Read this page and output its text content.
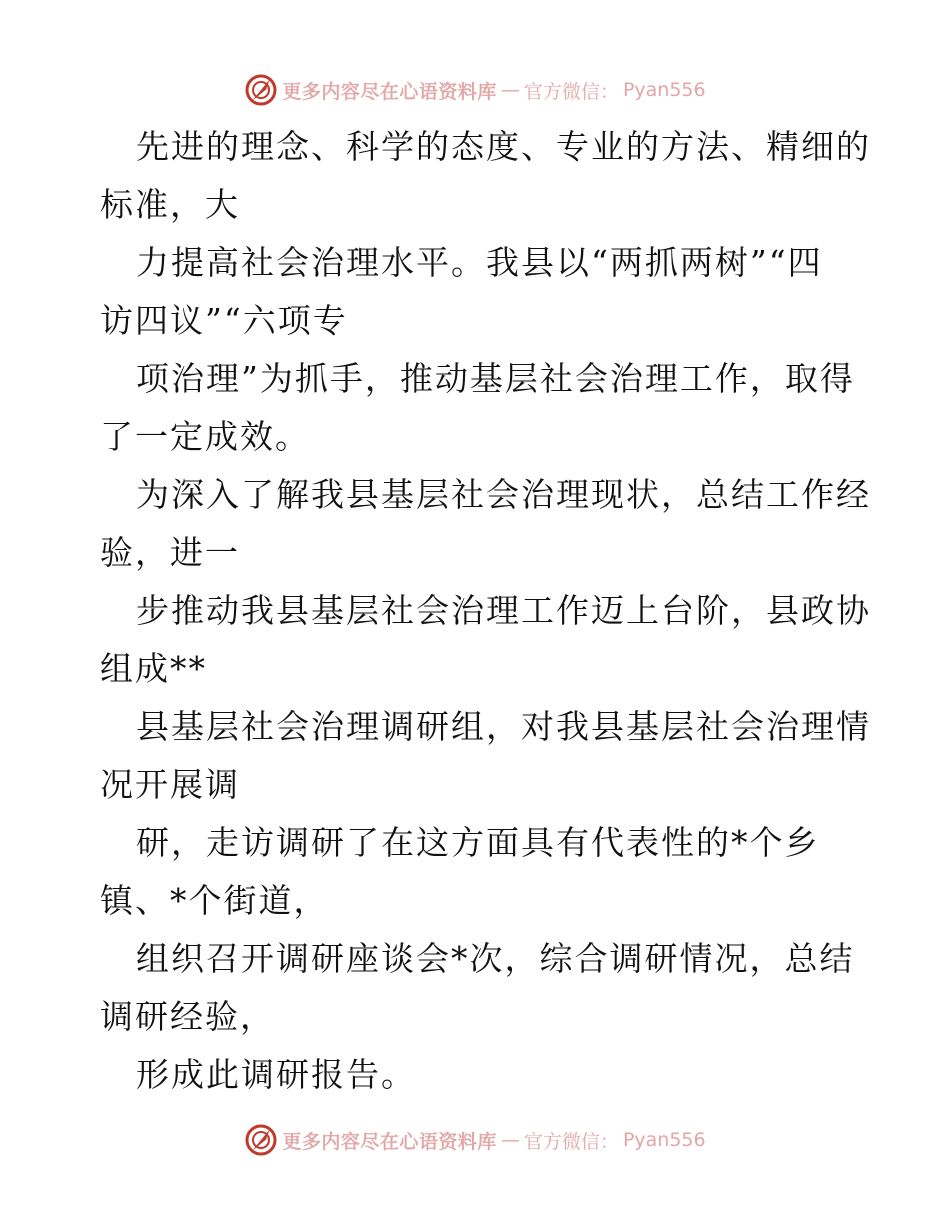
更多内容尽在心语资料库 — 官方微信： Pyan556

先进的理念、科学的态度、专业的方法、精细的
标准，大

力提高社会治理水平。我县以“两抓两树”“四
访四议”“六项专

项治理”为抓手，推动基层社会治理工作，取得
了一定成效。

为深入了解我县基层社会治理现状，总结工作经
验，进一

步推动我县基层社会治理工作迈上台阶，县政协
组成**

县基层社会治理调研组，对我县基层社会治理情
况开展调

研，走访调研了在这方面具有代表性的*个乡
镇、*个街道，

组织召开调研座谈会*次，综合调研情况，总结
调研经验，

形成此调研报告。

更多内容尽在心语资料库 — 官方微信： Pyan556
